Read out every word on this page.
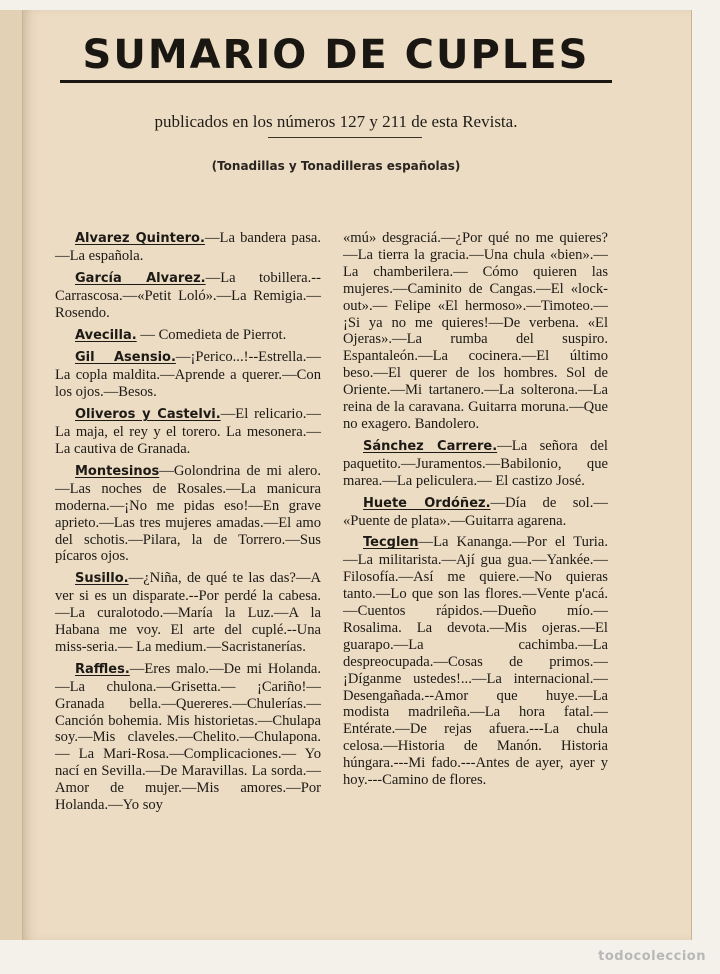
SUMARIO DE CUPLES
publicados en los números 127 y 211 de esta Revista.
(Tonadillas y Tonadilleras españolas)

Alvarez Quintero.—La bandera pasa.—La española.

García Alvarez.—La tobillera.-- Carrascosa.—«Petit Loló».—La Remigia.—Rosendo.

Avecilla. — Comedieta de Pierrot.

Gil Asensio.—¡Perico...!--Estrella.—La copla maldita.—Aprende a querer.—Con los ojos.—Besos.

Oliveros y Castelvi.—El relicario.—La maja, el rey y el torero. La mesonera.—La cautiva de Granada.

Montesinos—Golondrina de mi alero.—Las noches de Rosales.—La manicura moderna.—¡No me pidas eso!—En grave aprieto.—Las tres mujeres amadas.—El amo del schotis.—Pilara, la de Torrero.—Sus pícaros ojos.

Susillo.—¿Niña, de qué te las das?—A ver si es un disparate.--Por perdé la cabesa.—La curalotodo.—María la Luz.—A la Habana me voy. El arte del cuplé.--Una miss-seria.— La medium.—Sacristanerías.

Raffles.—Eres malo.—De mi Holanda.—La chulona.—Grisetta.— ¡Cariño!—Granada bella.—Quereres.—Chulerías.—Canción bohemia. Mis historietas.—Chulapa soy.—Mis claveles.—Chelito.—Chulapona.— La Mari-Rosa.—Complicaciones.— Yo nací en Sevilla.—De Maravillas. La sorda.—Amor de mujer.—Mis amores.—Por Holanda.—Yo soy

«mú» desgraciá.—¿Por qué no me quieres?—La tierra la gracia.—Una chula «bien».—La chamberilera.— Cómo quieren las mujeres.—Caminito de Cangas.—El «lock-out».— Felipe «El hermoso».—Timoteo.— ¡Si ya no me quieres!—De verbena. «El Ojeras».—La rumba del suspiro. Espantaleón.—La cocinera.—El último beso.—El querer de los hombres. Sol de Oriente.—Mi tartanero.—La solterona.—La reina de la caravana. Guitarra moruna.—Que no exagero. Bandolero.

Sánchez Carrere.—La señora del paquetito.—Juramentos.—Babilonio, que marea.—La peliculera.— El castizo José.

Huete Ordóñez.—Día de sol.— «Puente de plata».—Guitarra agarena.

Tecglen—La Kananga.—Por el Turia.—La militarista.—Ají gua gua.—Yankée.—Filosofía.—Así me quiere.—No quieras tanto.—Lo que son las flores.—Vente p'acá.—Cuentos rápidos.—Dueño mío.—Rosalima. La devota.—Mis ojeras.—El guarapo.—La cachimba.—La despreocupada.—Cosas de primos.—¡Díganme ustedes!...—La internacional.—Desengañada.--Amor que huye.—La modista madrileña.—La hora fatal.— Entérate.—De rejas afuera.---La chula celosa.—Historia de Manón. Historia húngara.---Mi fado.---Antes de ayer, ayer y hoy.---Camino de flores.

todocoleccion
